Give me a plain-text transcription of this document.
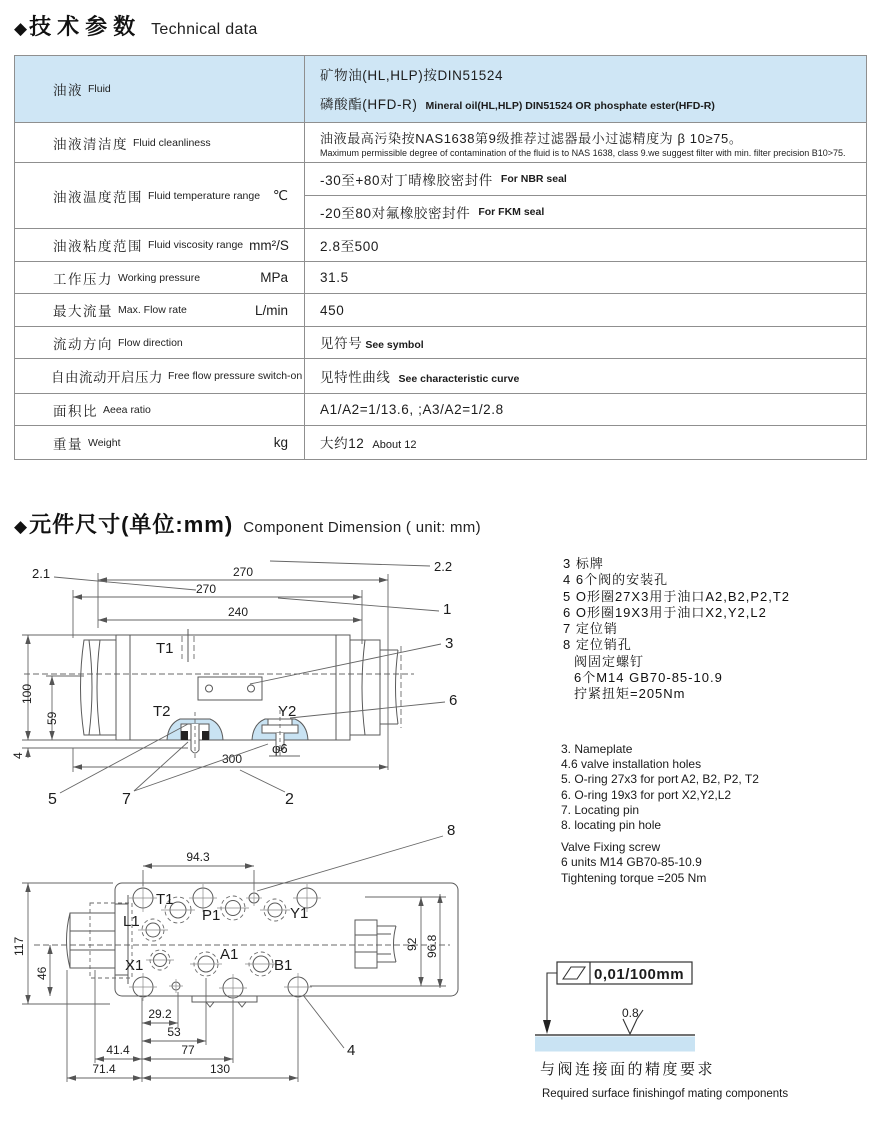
◆ 技术参数 Technical data
油液 Fluid
矿物油(HL,HLP)按DIN51524
磷酸酯(HFD-R) Mineral oil(HL,HLP) DIN51524 OR phosphate ester(HFD-R)
油液清洁度 Fluid cleanliness	油液最高污染按NAS1638第9级推荐过滤器最小过滤精度为 β 10≥75。
Maximum permissible degree of contamination of the fluid is to NAS 1638, class 9.we suggest filter with min. filter precision B10>75.
油液温度范围 Fluid temperature range ℃
-30至+80对丁晴橡胶密封件 For NBR seal
-20至80对氟橡胶密封件 For FKM seal
油液粘度范围 Fluid viscosity range mm²/S 2.8至500
工作压力 Working pressure	MPa 31.5
最大流量 Max. Flow rate	L/min 450
流动方向 Flow direction	见符号 See symbol
自由流动开启压力 Free flow pressure switch-on 见特性曲线 See characteristic curve
面积比 Aeea ratio	A1/A2=1/13.6, ;A3/A2=1/2.8
重量 Weight	kg 大约12 About 12
◆ 元件尺寸(单位:mm) Component Dimension ( unit: mm)
270
270
240
100
59
4	300
φ6
T1
T2	Y2
2.1	2.2
1
3
6
5	7	2
T1
L1	P1	Y1
X1
A1
B1
94.3
117
46
92 96.8
29.2
53
41.4	77
71.4	130
8
4
3 标牌
4 6个阀的安装孔
5 O形圈27X3用于油口A2,B2,P2,T2
6 O形圈19X3用于油口X2,Y2,L2
7 定位销
8 定位销孔
阀固定螺钉
6个M14 GB70-85-10.9
拧紧扭矩=205Nm
3. Nameplate
4.6 valve installation holes
5. O-ring 27x3 for port A2, B2, P2, T2
6. O-ring 19x3 for port X2,Y2,L2
7. Locating pin
8. locating pin hole
Valve Fixing screw
6 units M14 GB70-85-10.9
Tightening torque =205 Nm
0,01/100mm
0.8
与阀连接面的精度要求
Required surface finishingof mating components
